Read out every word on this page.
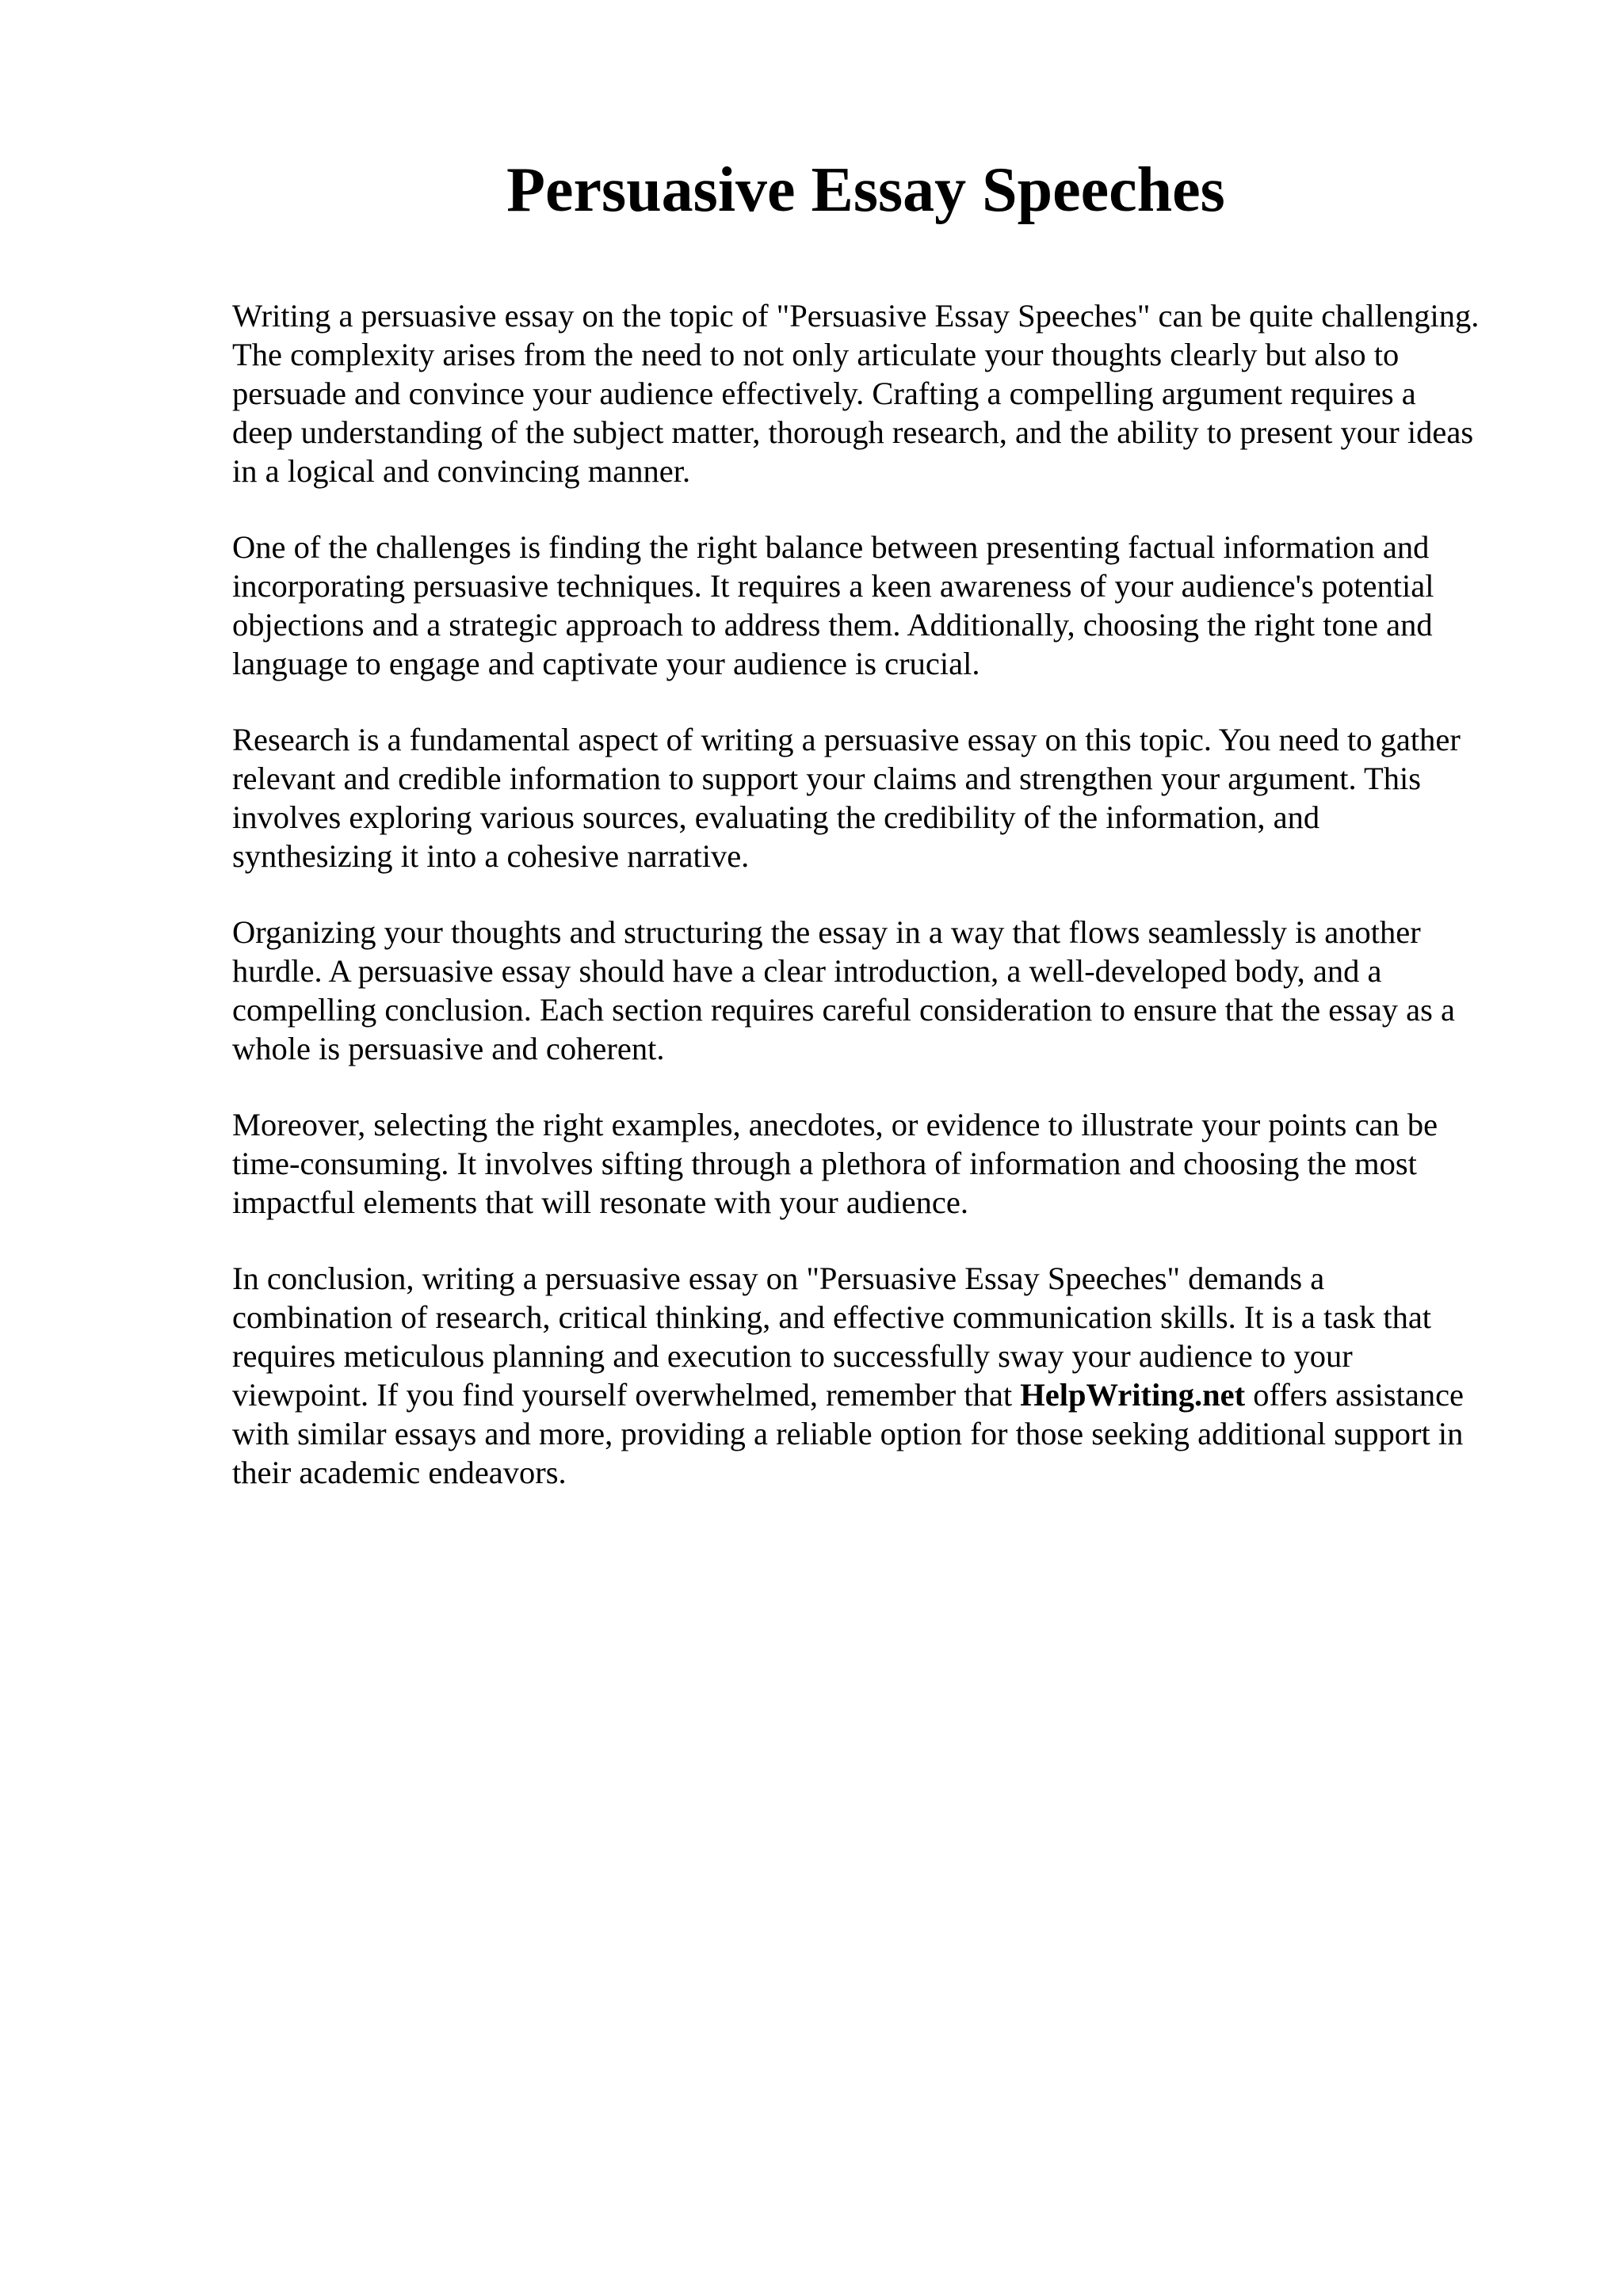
Persuasive Essay Speeches

Writing a persuasive essay on the topic of "Persuasive Essay Speeches" can be quite challenging.
The complexity arises from the need to not only articulate your thoughts clearly but also to
persuade and convince your audience effectively. Crafting a compelling argument requires a
deep understanding of the subject matter, thorough research, and the ability to present your ideas
in a logical and convincing manner.

One of the challenges is finding the right balance between presenting factual information and
incorporating persuasive techniques. It requires a keen awareness of your audience's potential
objections and a strategic approach to address them. Additionally, choosing the right tone and
language to engage and captivate your audience is crucial.

Research is a fundamental aspect of writing a persuasive essay on this topic. You need to gather
relevant and credible information to support your claims and strengthen your argument. This
involves exploring various sources, evaluating the credibility of the information, and
synthesizing it into a cohesive narrative.

Organizing your thoughts and structuring the essay in a way that flows seamlessly is another
hurdle. A persuasive essay should have a clear introduction, a well-developed body, and a
compelling conclusion. Each section requires careful consideration to ensure that the essay as a
whole is persuasive and coherent.

Moreover, selecting the right examples, anecdotes, or evidence to illustrate your points can be
time-consuming. It involves sifting through a plethora of information and choosing the most
impactful elements that will resonate with your audience.

In conclusion, writing a persuasive essay on "Persuasive Essay Speeches" demands a
combination of research, critical thinking, and effective communication skills. It is a task that
requires meticulous planning and execution to successfully sway your audience to your
viewpoint. If you find yourself overwhelmed, remember that HelpWriting.net offers assistance
with similar essays and more, providing a reliable option for those seeking additional support in
their academic endeavors.
